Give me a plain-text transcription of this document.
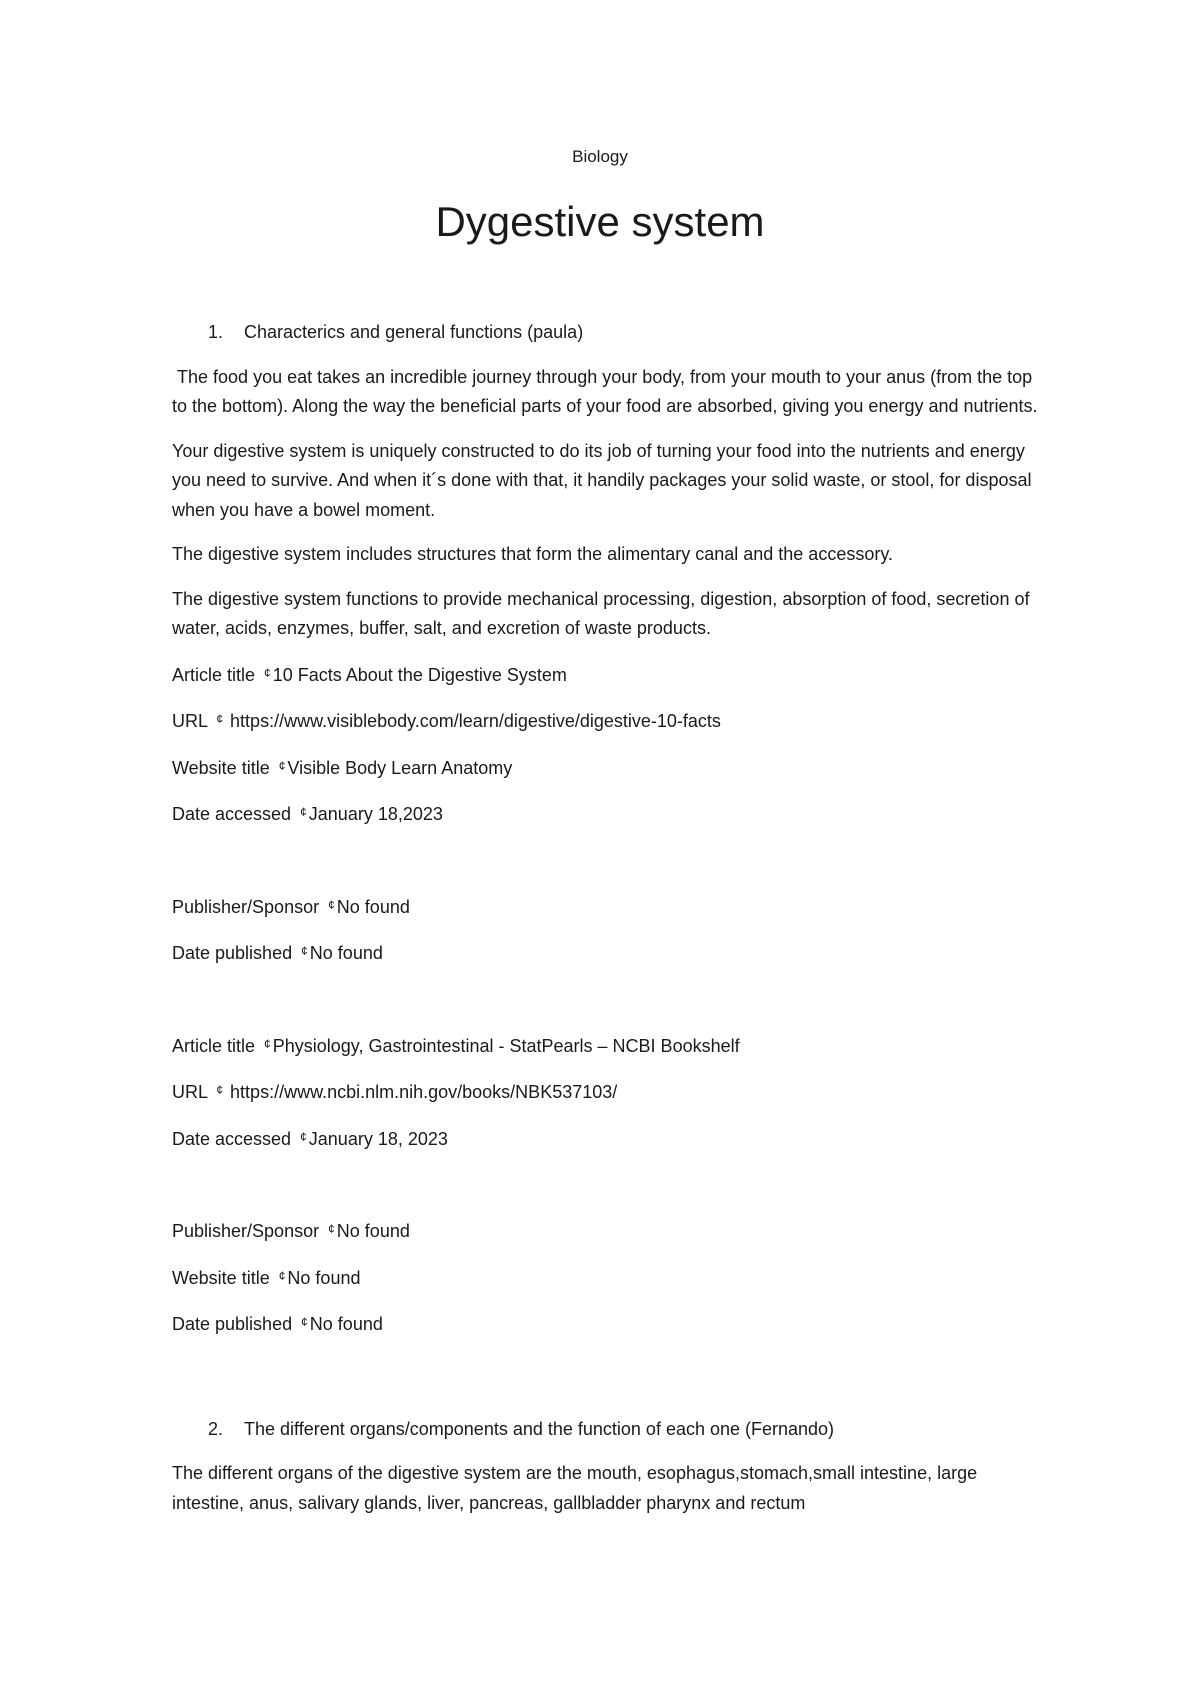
Biology
Dygestive system
1.	Characterics and general functions (paula)

The food you eat takes an incredible journey through your body, from your mouth to your anus (from the top to the bottom). Along the way the beneficial parts of your food are absorbed, giving you energy and nutrients.

Your digestive system is uniquely constructed to do its job of turning your food into the nutrients and energy you need to survive. And when it´s done with that, it handily packages your solid waste, or stool, for disposal when you have a bowel moment.

The digestive system includes structures that form the alimentary canal and the accessory.

The digestive system functions to provide mechanical processing, digestion, absorption of food, secretion of water, acids, enzymes, buffer, salt, and excretion of waste products.

Article title ¢ 10 Facts About the Digestive System

URL ¢ https://www.visiblebody.com/learn/digestive/digestive-10-facts

Website title ¢ Visible Body Learn Anatomy

Date accessed ¢ January 18,2023

Publisher/Sponsor ¢ No found

Date published ¢ No found

Article title ¢ Physiology, Gastrointestinal - StatPearls – NCBI Bookshelf

URL ¢ https://www.ncbi.nlm.nih.gov/books/NBK537103/

Date accessed ¢ January 18, 2023

Publisher/Sponsor ¢ No found

Website title ¢ No found

Date published ¢ No found

2.	The different organs/components and the function of each one (Fernando)

The different organs of the digestive system are the mouth, esophagus,stomach,small intestine, large intestine, anus, salivary glands, liver, pancreas, gallbladder pharynx and rectum
